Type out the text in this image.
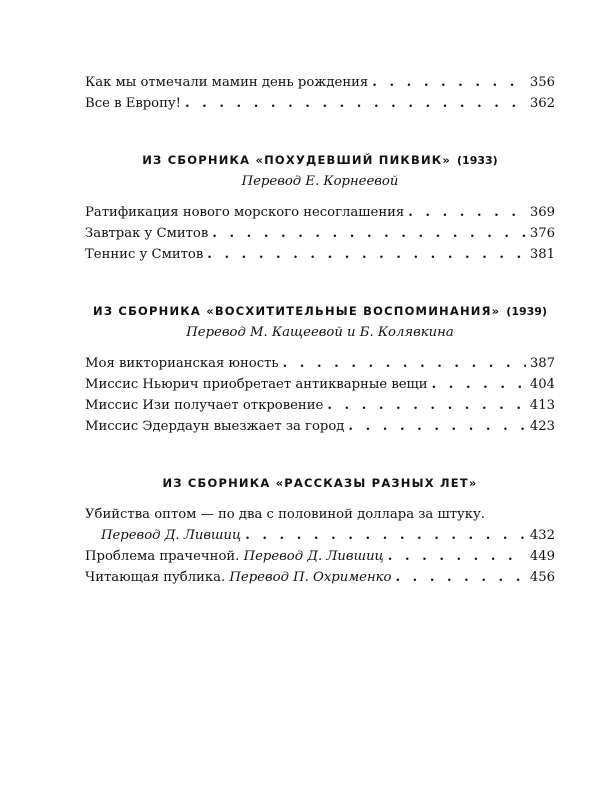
Как мы отмечали мамин день рождения . . .	356
Все в Европу! . . .	362
ИЗ СБОРНИКА «ПОХУДЕВШИЙ ПИКВИК» (1933)
Перевод Е. Корнеевой
Ратификация нового морского несоглашения . . .	369
Завтрак у Смитов . . .	376
Теннис у Смитов . . .	381
ИЗ СБОРНИКА «ВОСХИТИТЕЛЬНЫЕ ВОСПОМИНАНИЯ» (1939)
Перевод М. Кащеевой и Б. Колявкина
Моя викторианская юность . . .	387
Миссис Ньюрич приобретает антикварные вещи . . .	404
Миссис Изи получает откровение . . .	413
Миссис Эдердаун выезжает за город . . .	423
ИЗ СБОРНИКА «РАССКАЗЫ РАЗНЫХ ЛЕТ»
Убийства оптом — по два с половиной доллара за штуку.
Перевод Д. Лившиц . . .	432
Проблема прачечной. Перевод Д. Лившиц . . .	449
Читающая публика. Перевод П. Охрименко . . .	456
